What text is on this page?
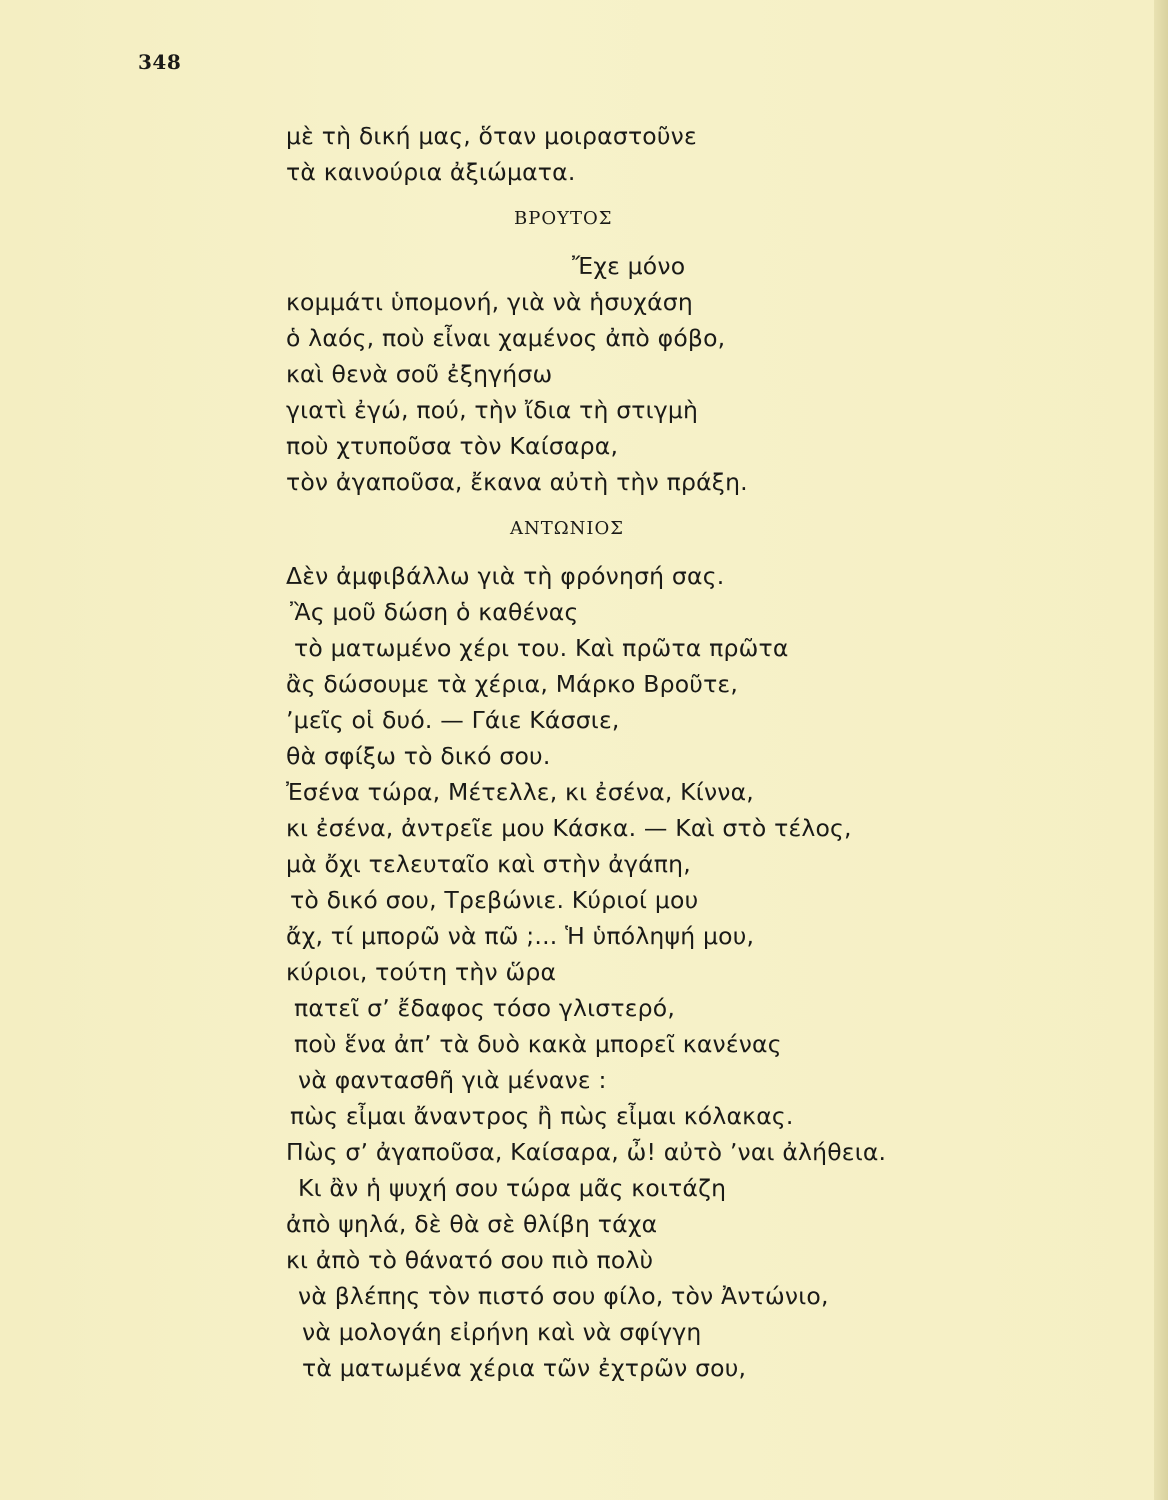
348
μὲ τὴ δική μας, ὅταν μοιραστοῦνε
τὰ καινούρια ἀξιώματα.
ΒΡΟΥΤΟΣ
Ἔχε μόνο
κομμάτι ὑπομονή, γιὰ νὰ ἡσυχάση
ὁ λαός, ποὺ εἶναι χαμένος ἀπὸ φόβο,
καὶ θενὰ σοῦ ἐξηγήσω
γιατὶ ἐγώ, πού, τὴν ἴδια τὴ στιγμὴ
ποὺ χτυποῦσα τὸν Καίσαρα,
τὸν ἀγαποῦσα, ἔκανα αὐτὴ τὴν πράξη.
ΑΝΤΩΝΙΟΣ
Δὲν ἀμφιβάλλω γιὰ τὴ φρόνησή σας.
Ἂς μοῦ δώση ὁ καθένας
τὸ ματωμένο χέρι του. Καὶ πρῶτα πρῶτα
ἂς δώσουμε τὰ χέρια, Μάρκο Βροῦτε,
ʼμεῖς οἱ δυό. — Γάιε Κάσσιε,
θὰ σφίξω τὸ δικό σου.
Ἐσένα τώρα, Μέτελλε, κι ἐσένα, Κίννα,
κι ἐσένα, ἀντρεῖε μου Κάσκα. — Καὶ στὸ τέλος,
μὰ ὄχι τελευταῖο καὶ στὴν ἀγάπη,
τὸ δικό σου, Τρεβώνιε. Κύριοί μου
ἄχ, τί μπορῶ νὰ πῶ ;... Ἡ ὑπόληψή μου,
κύριοι, τούτη τὴν ὥρα
πατεῖ σʼ ἔδαφος τόσο γλιστερό,
ποὺ ἕνα ἀπʼ τὰ δυὸ κακὰ μπορεῖ κανένας
νὰ φαντασθῆ γιὰ μένανε :
πὼς εἶμαι ἄναντρος ἢ πὼς εἶμαι κόλακας.
Πὼς σʼ ἀγαποῦσα, Καίσαρα, ὦ! αὐτὸ ʼναι ἀλήθεια.
Κι ἂν ἡ ψυχή σου τώρα μᾶς κοιτάζη
ἀπὸ ψηλά, δὲ θὰ σὲ θλίβη τάχα
κι ἀπὸ τὸ θάνατό σου πιὸ πολὺ
νὰ βλέπης τὸν πιστό σου φίλο, τὸν Ἀντώνιο,
νὰ μολογάη εἰρήνη καὶ νὰ σφίγγη
τὰ ματωμένα χέρια τῶν ἐχτρῶν σου,
